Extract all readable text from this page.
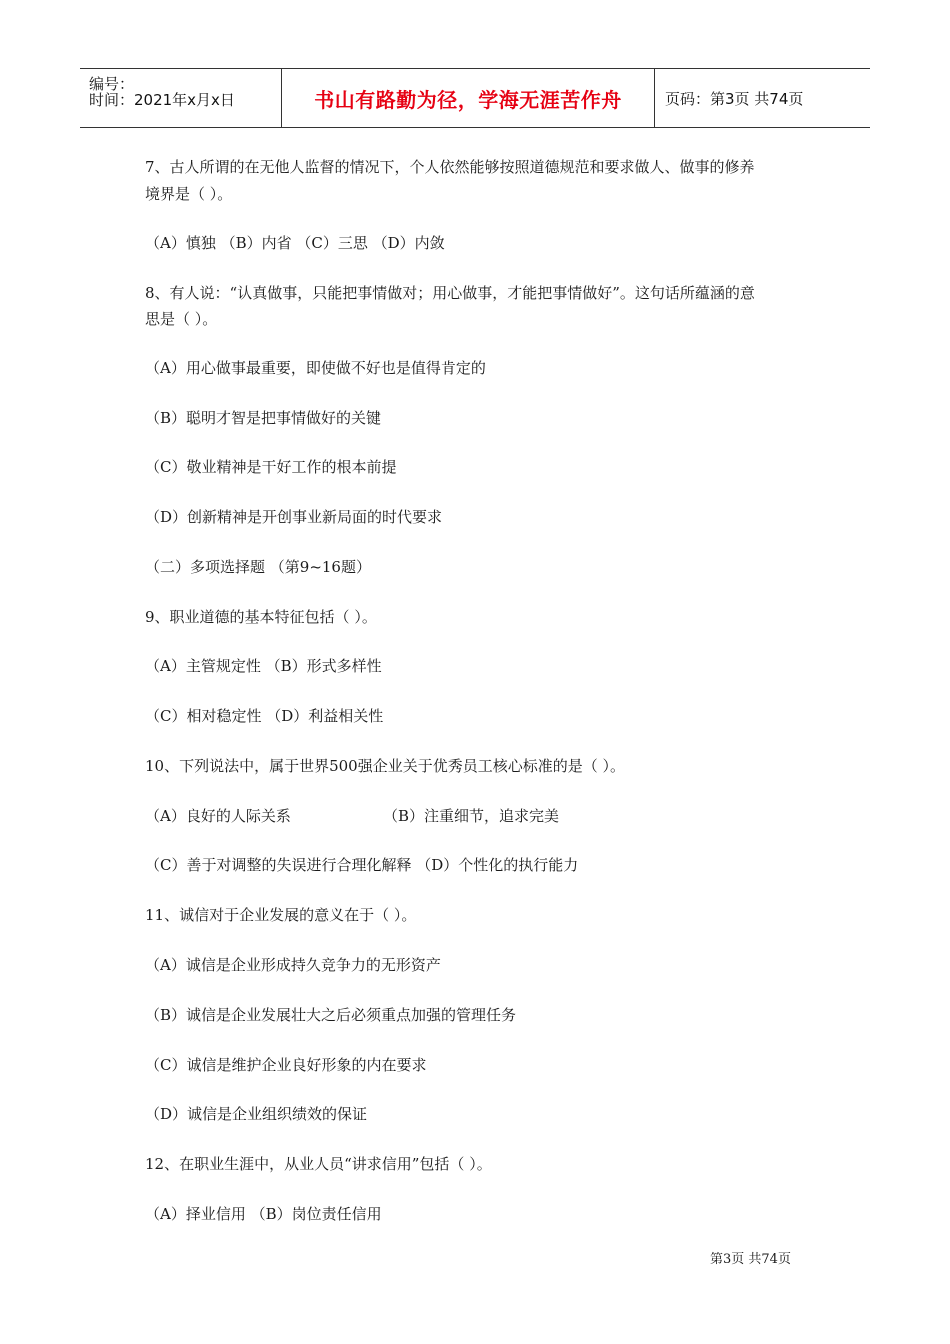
编号：
时间：2021年x月x日	书山有路勤为径，学海无涯苦作舟	页码：第3页 共74页
7、古人所谓的在无他人监督的情况下，个人依然能够按照道德规范和要求做人、做事的修养
境界是（ ）。
（A）慎独 （B）内省 （C）三思 （D）内敛
8、有人说：“认真做事，只能把事情做对；用心做事，才能把事情做好”。这句话所蕴涵的意
思是（ ）。
（A）用心做事最重要，即使做不好也是值得肯定的
（B）聪明才智是把事情做好的关键
（C）敬业精神是干好工作的根本前提
（D）创新精神是开创事业新局面的时代要求
（二）多项选择题 （第9~16题）
9、职业道德的基本特征包括（ ）。
（A）主管规定性 （B）形式多样性
（C）相对稳定性 （D）利益相关性
10、下列说法中，属于世界500强企业关于优秀员工核心标准的是（ ）。
（A）良好的人际关系	（B）注重细节，追求完美
（C）善于对调整的失误进行合理化解释 （D）个性化的执行能力
11、诚信对于企业发展的意义在于（ ）。
（A）诚信是企业形成持久竞争力的无形资产
（B）诚信是企业发展壮大之后必须重点加强的管理任务
（C）诚信是维护企业良好形象的内在要求
（D）诚信是企业组织绩效的保证
12、在职业生涯中，从业人员“讲求信用”包括（ ）。
（A）择业信用 （B）岗位责任信用
第3页 共74页
